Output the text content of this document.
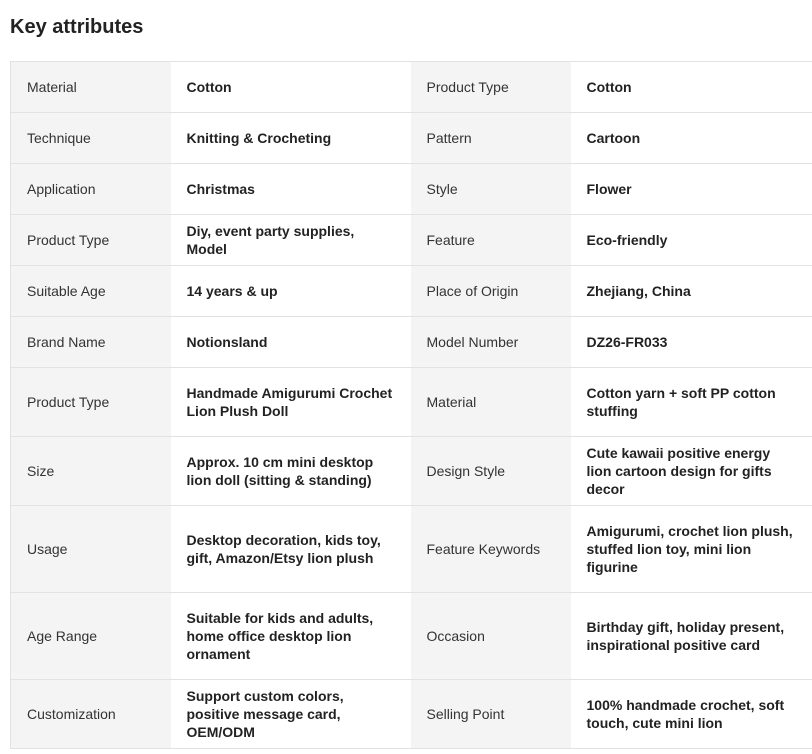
Key attributes
Material	Cotton	Product Type	Cotton
Technique	Knitting & Crocheting	Pattern	Cartoon
Application	Christmas	Style	Flower
Product Type	Diy, event party supplies, Model	Feature	Eco-friendly
Suitable Age	14 years & up	Place of Origin	Zhejiang, China
Brand Name	Notionsland	Model Number	DZ26-FR033
Product Type	Handmade Amigurumi Crochet Lion Plush Doll	Material	Cotton yarn + soft PP cotton stuffing
Size	Approx. 10 cm mini desktop lion doll (sitting & standing)	Design Style	Cute kawaii positive energy lion cartoon design for gifts decor
Usage	Desktop decoration, kids toy, gift, Amazon/Etsy lion plush	Feature Keywords	Amigurumi, crochet lion plush, stuffed lion toy, mini lion figurine
Age Range	Suitable for kids and adults, home office desktop lion ornament	Occasion	Birthday gift, holiday present, inspirational positive card
Customization	Support custom colors, positive message card, OEM/ODM	Selling Point	100% handmade crochet, soft touch, cute mini lion
